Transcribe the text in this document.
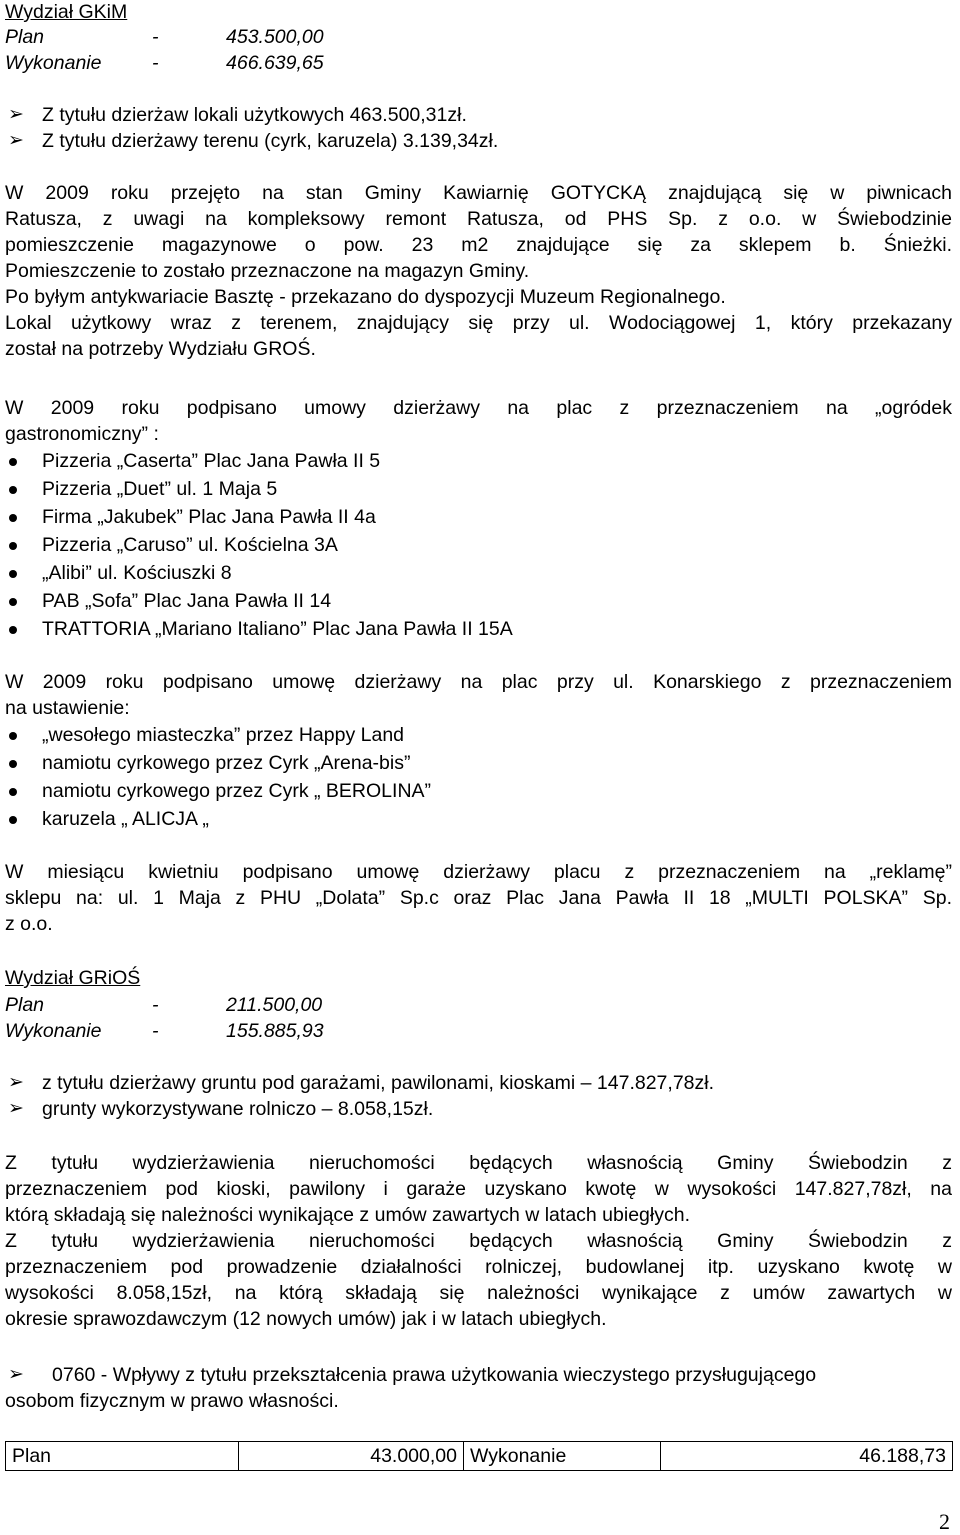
Wydział GKiM
Plan	-	453.500,00
Wykonanie	-	466.639,65
➢ Z tytułu dzierżaw lokali użytkowych 463.500,31zł.
➢ Z tytułu dzierżawy terenu (cyrk, karuzela) 3.139,34zł.
W 2009 roku przejęto na stan Gminy Kawiarnię GOTYCKĄ znajdującą się w piwnicach
Ratusza, z uwagi na kompleksowy remont Ratusza, od PHS Sp. z o.o. w Świebodzinie
pomieszczenie magazynowe o pow. 23 m2 znajdujące się za sklepem b. Śnieżki.
Pomieszczenie to zostało przeznaczone na magazyn Gminy.
Po byłym antykwariacie Basztę - przekazano do dyspozycji Muzeum Regionalnego.
Lokal użytkowy wraz z terenem, znajdujący się przy ul. Wodociągowej 1, który przekazany
został na potrzeby Wydziału GROŚ.
W 2009 roku podpisano umowy dzierżawy na plac z przeznaczeniem na „ogródek
gastronomiczny” :
Pizzeria „Caserta” Plac Jana Pawła II 5
Pizzeria „Duet” ul. 1 Maja 5
Firma „Jakubek” Plac Jana Pawła II 4a
Pizzeria „Caruso” ul. Kościelna 3A
„Alibi” ul. Kościuszki 8
PAB „Sofa” Plac Jana Pawła II 14
TRATTORIA „Mariano Italiano” Plac Jana Pawła II 15A
W 2009 roku podpisano umowę dzierżawy na plac przy ul. Konarskiego z przeznaczeniem
na ustawienie:
„wesołego miasteczka” przez Happy Land
namiotu cyrkowego przez Cyrk „Arena-bis”
namiotu cyrkowego przez Cyrk „ BEROLINA”
karuzela „ ALICJA „
W miesiącu kwietniu podpisano umowę dzierżawy placu z przeznaczeniem na „reklamę”
sklepu na: ul. 1 Maja z PHU „Dolata” Sp.c oraz Plac Jana Pawła II 18 „MULTI POLSKA” Sp.
z o.o.
Wydział GRiOŚ
Plan	-	211.500,00
Wykonanie	-	155.885,93
➢ z tytułu dzierżawy gruntu pod garażami, pawilonami, kioskami – 147.827,78zł.
➢ grunty wykorzystywane rolniczo – 8.058,15zł.
Z tytułu wydzierżawienia nieruchomości będących własnością Gminy Świebodzin z
przeznaczeniem pod kioski, pawilony i garaże uzyskano kwotę w wysokości 147.827,78zł, na
którą składają się należności wynikające z umów zawartych w latach ubiegłych.
Z tytułu wydzierżawienia nieruchomości będących własnością Gminy Świebodzin z
przeznaczeniem pod prowadzenie działalności rolniczej, budowlanej itp. uzyskano kwotę w
wysokości 8.058,15zł, na którą składają się należności wynikające z umów zawartych w
okresie sprawozdawczym (12 nowych umów) jak i w latach ubiegłych.
➢ 0760 - Wpływy z tytułu przekształcenia prawa użytkowania wieczystego przysługującego
osobom fizycznym w prawo własności.
Plan	43.000,00	Wykonanie	46.188,73
2
